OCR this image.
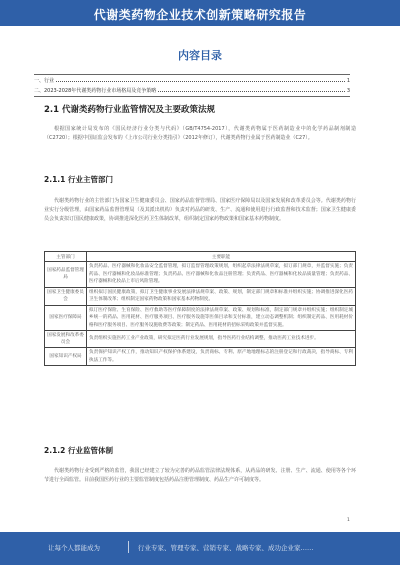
代谢类药物企业技术创新策略研究报告
内容目录
一、行业	1
二、2023-2028年代谢类药物行业市场格局及竞争策略	3
2.1 代谢类药物行业监管情况及主要政策法规
根据国家统计局发布的《国民经济行业分类与代码》（GB/T4754-2017），代谢类药物属于医药制造业中的化学药品制剂制造（C2720）；根据中国证监会发布的《上市公司行业分类指引》（2012年修订），代谢类药物行业属于医药制造业（C27）。
2.1.1 行业主管部门
代谢类药物行业的主管部门为国家卫生健康委员会、国家药品监督管理局、国家医疗保障局以及国家发展和改革委员会等。代谢类药物行业实行分级管理，由国家药品监督管理局（及其派出机构）负责对药品的研发、生产、流通和使用进行行政监督和技术监督；国家卫生健康委员会负责拟订国民健康政策，协调推进深化医药卫生体制改革，组织制定国家药物政策和国家基本药物制度。
主管部门	主要职能
国家药品监督管理局	负责药品、医疗器械和化妆品安全监督管理，拟订监督管理政策规划，组织起草法律法规草案，拟订部门规章，并监督实施；负责药品、医疗器械和化妆品标准管理；负责药品、医疗器械和化妆品注册管理；负责药品、医疗器械和化妆品质量管理；负责药品、医疗器械和化妆品上市后风险管理。
国家卫生健康委员会	组织拟订国民健康政策，拟订卫生健康事业发展法律法规草案、政策、规划，制定部门规章和标准并组织实施；协调推进深化医药卫生体制改革；组织制定国家药物政策和国家基本药物制度。
国家医疗保障局	拟订医疗保险、生育保险、医疗救助等医疗保障制度的法律法规草案、政策、规划和标准，制定部门规章并组织实施；组织制定城乡统一的药品、医用耗材、医疗服务项目、医疗服务设施等医保目录和支付标准，建立动态调整机制；组织制定药品、医用耗材价格和医疗服务项目、医疗服务设施收费等政策；制定药品、医用耗材的招标采购政策并监督实施。
国家发展和改革委员会	负责组织实施医药工业产业政策，研究拟定医药行业发展规划，指导医药行业结构调整，推动医药工业技术进步。
国家知识产权局	负责保护知识产权工作，推动知识产权保护体系建设，负责商标、专利、原产地地理标志的注册登记和行政裁决，指导商标、专利执法工作等。
2.1.2 行业监管体制
代谢类药物行业受到严格的监管，我国已经建立了较为完善的药品监管法律法规体系，从药品的研发、注册、生产、流通、使用等各个环节进行全面监管。目前我国医药行业的主要监管制度包括药品注册管理制度、药品生产许可制度等。
1
让每个人都能成为	行业专家、管理专家、营销专家、战略专家、成功企业家……
